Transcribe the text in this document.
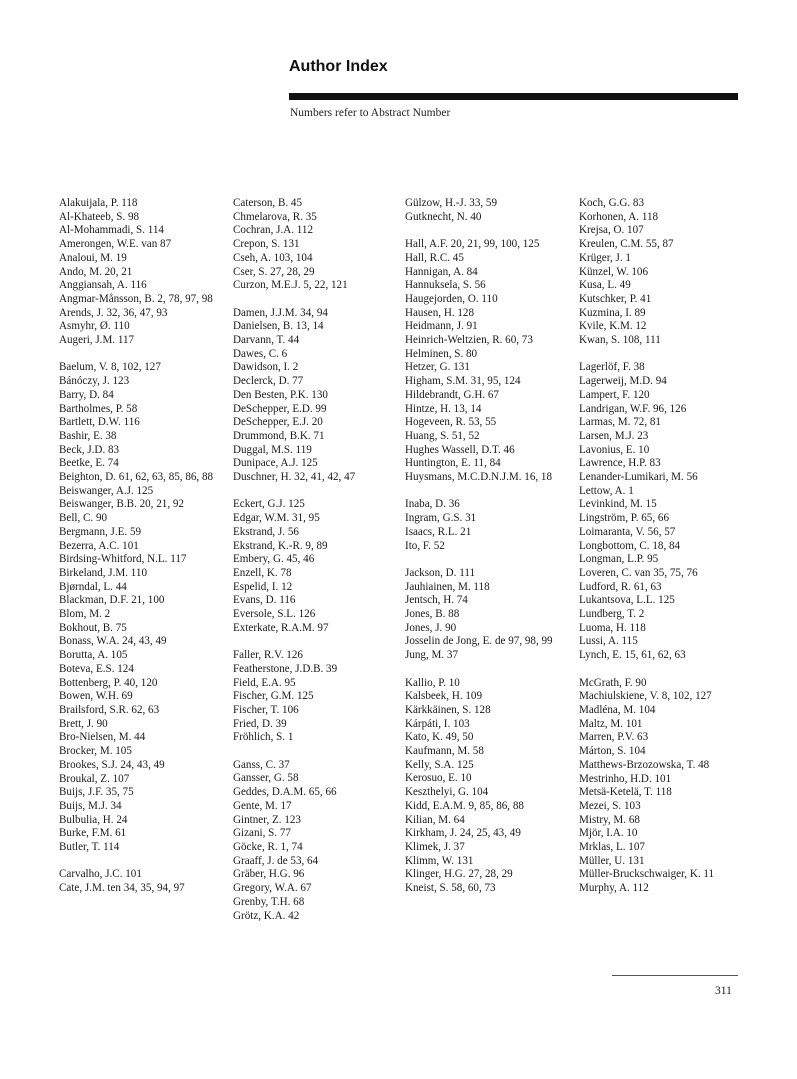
Author Index
Numbers refer to Abstract Number
Alakuijala, P. 118
Al-Khateeb, S. 98
Al-Mohammadi, S. 114
Amerongen, W.E. van 87
Analoui, M. 19
Ando, M. 20, 21
Anggiansah, A. 116
Angmar-Månsson, B. 2, 78, 97, 98
Arends, J. 32, 36, 47, 93
Asmyhr, Ø. 110
Augeri, J.M. 117
Baelum, V. 8, 102, 127
Bánóczy, J. 123
Barry, D. 84
Bartholmes, P. 58
Bartlett, D.W. 116
Bashir, E. 38
Beck, J.D. 83
Beetke, E. 74
Beighton, D. 61, 62, 63, 85, 86, 88
Beiswanger, A.J. 125
Beiswanger, B.B. 20, 21, 92
Bell, C. 90
Bergmann, J.E. 59
Bezerra, A.C. 101
Birdsing-Whitford, N.L. 117
Birkeland, J.M. 110
Bjørndal, L. 44
Blackman, D.F. 21, 100
Blom, M. 2
Bokhout, B. 75
Bonass, W.A. 24, 43, 49
Borutta, A. 105
Boteva, E.S. 124
Bottenberg, P. 40, 120
Bowen, W.H. 69
Brailsford, S.R. 62, 63
Brett, J. 90
Bro-Nielsen, M. 44
Brocker, M. 105
Brookes, S.J. 24, 43, 49
Broukal, Z. 107
Buijs, J.F. 35, 75
Buijs, M.J. 34
Bulbulia, H. 24
Burke, F.M. 61
Butler, T. 114
Carvalho, J.C. 101
Cate, J.M. ten 34, 35, 94, 97
Caterson, B. 45
Chmelarova, R. 35
Cochran, J.A. 112
Crepon, S. 131
Cseh, A. 103, 104
Cser, S. 27, 28, 29
Curzon, M.E.J. 5, 22, 121
Damen, J.J.M. 34, 94
Danielsen, B. 13, 14
Darvann, T. 44
Dawes, C. 6
Dawidson, I. 2
Declerck, D. 77
Den Besten, P.K. 130
DeSchepper, E.D. 99
DeSchepper, E.J. 20
Drummond, B.K. 71
Duggal, M.S. 119
Dunipace, A.J. 125
Duschner, H. 32, 41, 42, 47
Eckert, G.J. 125
Edgar, W.M. 31, 95
Ekstrand, J. 56
Ekstrand, K.-R. 9, 89
Embery, G. 45, 46
Enzell, K. 78
Espelid, I. 12
Evans, D. 116
Eversole, S.L. 126
Exterkate, R.A.M. 97
Faller, R.V. 126
Featherstone, J.D.B. 39
Field, E.A. 95
Fischer, G.M. 125
Fischer, T. 106
Fried, D. 39
Fröhlich, S. 1
Ganss, C. 37
Gansser, G. 58
Geddes, D.A.M. 65, 66
Gente, M. 17
Gintner, Z. 123
Gizani, S. 77
Göcke, R. 1, 74
Graaff, J. de 53, 64
Gräber, H.G. 96
Gregory, W.A. 67
Grenby, T.H. 68
Grötz, K.A. 42
Gülzow, H.-J. 33, 59
Gutknecht, N. 40
Hall, A.F. 20, 21, 99, 100, 125
Hall, R.C. 45
Hannigan, A. 84
Hannuksela, S. 56
Haugejorden, O. 110
Hausen, H. 128
Heidmann, J. 91
Heinrich-Weltzien, R. 60, 73
Helminen, S. 80
Hetzer, G. 131
Higham, S.M. 31, 95, 124
Hildebrandt, G.H. 67
Hintze, H. 13, 14
Hogeveen, R. 53, 55
Huang, S. 51, 52
Hughes Wassell, D.T. 46
Huntington, E. 11, 84
Huysmans, M.C.D.N.J.M. 16, 18
Inaba, D. 36
Ingram, G.S. 31
Isaacs, R.L. 21
Ito, F. 52
Jackson, D. 111
Jauhiainen, M. 118
Jentsch, H. 74
Jones, B. 88
Jones, J. 90
Josselin de Jong, E. de 97, 98, 99
Jung, M. 37
Kallio, P. 10
Kalsbeek, H. 109
Kärkkäinen, S. 128
Kárpáti, I. 103
Kato, K. 49, 50
Kaufmann, M. 58
Kelly, S.A. 125
Kerosuo, E. 10
Keszthelyi, G. 104
Kidd, E.A.M. 9, 85, 86, 88
Kilian, M. 64
Kirkham, J. 24, 25, 43, 49
Klimek, J. 37
Klimm, W. 131
Klinger, H.G. 27, 28, 29
Kneist, S. 58, 60, 73
Koch, G.G. 83
Korhonen, A. 118
Krejsa, O. 107
Kreulen, C.M. 55, 87
Krüger, J. 1
Künzel, W. 106
Kusa, L. 49
Kutschker, P. 41
Kuzmina, I. 89
Kvile, K.M. 12
Kwan, S. 108, 111
Lagerlöf, F. 38
Lagerweij, M.D. 94
Lampert, F. 120
Landrigan, W.F. 96, 126
Larmas, M. 72, 81
Larsen, M.J. 23
Lavonius, E. 10
Lawrence, H.P. 83
Lenander-Lumikari, M. 56
Lettow, A. 1
Levinkind, M. 15
Lingström, P. 65, 66
Loimaranta, V. 56, 57
Longbottom, C. 18, 84
Longman, L.P. 95
Loveren, C. van 35, 75, 76
Ludford, R. 61, 63
Lukantsova, L.L. 125
Lundberg, T. 2
Luoma, H. 118
Lussi, A. 115
Lynch, E. 15, 61, 62, 63
McGrath, F. 90
Machiulskiene, V. 8, 102, 127
Madléna, M. 104
Maltz, M. 101
Marren, P.V. 63
Márton, S. 104
Matthews-Brzozowska, T. 48
Mestrinho, H.D. 101
Metsä-Ketelä, T. 118
Mezei, S. 103
Mistry, M. 68
Mjör, I.A. 10
Mrklas, L. 107
Müller, U. 131
Müller-Bruckschwaiger, K. 11
Murphy, A. 112
311
